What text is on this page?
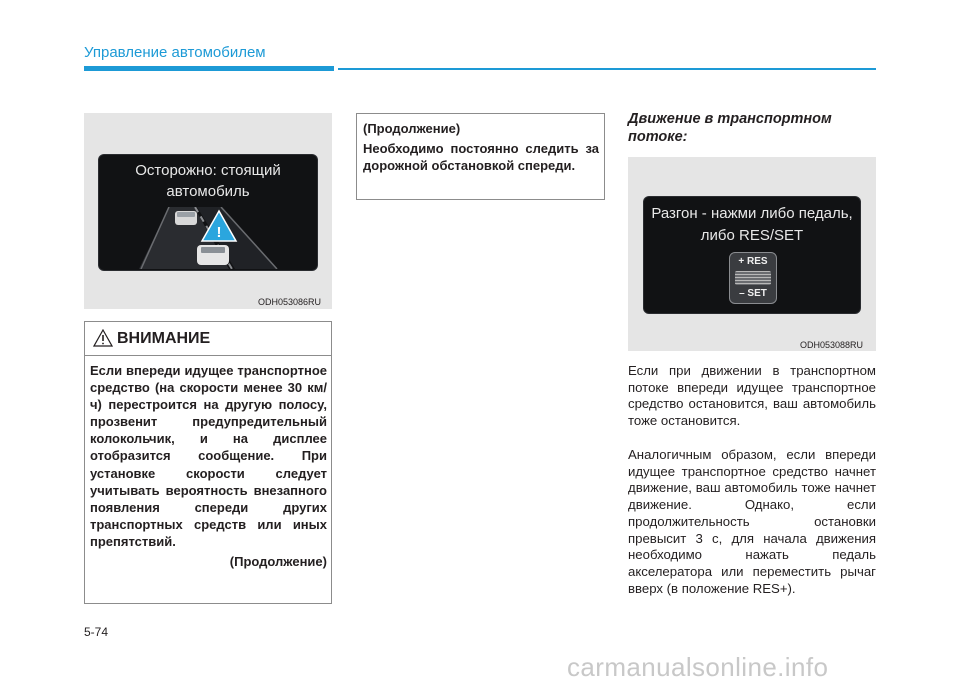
Управление автомобилем
Осторожно: стоящий автомобиль
!
ODH053086RU
ВНИМАНИЕ
Если впереди идущее транспортное средство (на скорости менее 30 км/ч) перестроится на другую полосу, прозвенит предупредительный колокольчик, и на дисплее отобразится сообщение. При установке скорости следует учитывать вероятность внезапного появления спереди других транспортных средств или иных препятствий.
(Продолжение)
(Продолжение)
Необходимо постоянно следить за дорожной обстановкой спереди.
Движение в транспортном потоке:
Разгон - нажми либо педаль, либо RES/SET
+ RES
– SET
ODH053088RU
Если при движении в транспортном потоке впереди идущее транспортное средство остановится, ваш автомобиль тоже остановится.
Аналогичным образом, если впереди идущее транспортное средство начнет движение, ваш автомобиль тоже начнет движение. Однако, если продолжительность остановки превысит 3 с, для начала движения необходимо нажать педаль акселератора или переместить рычаг вверх (в положение RES+).
5-74
carmanualsonline.info
